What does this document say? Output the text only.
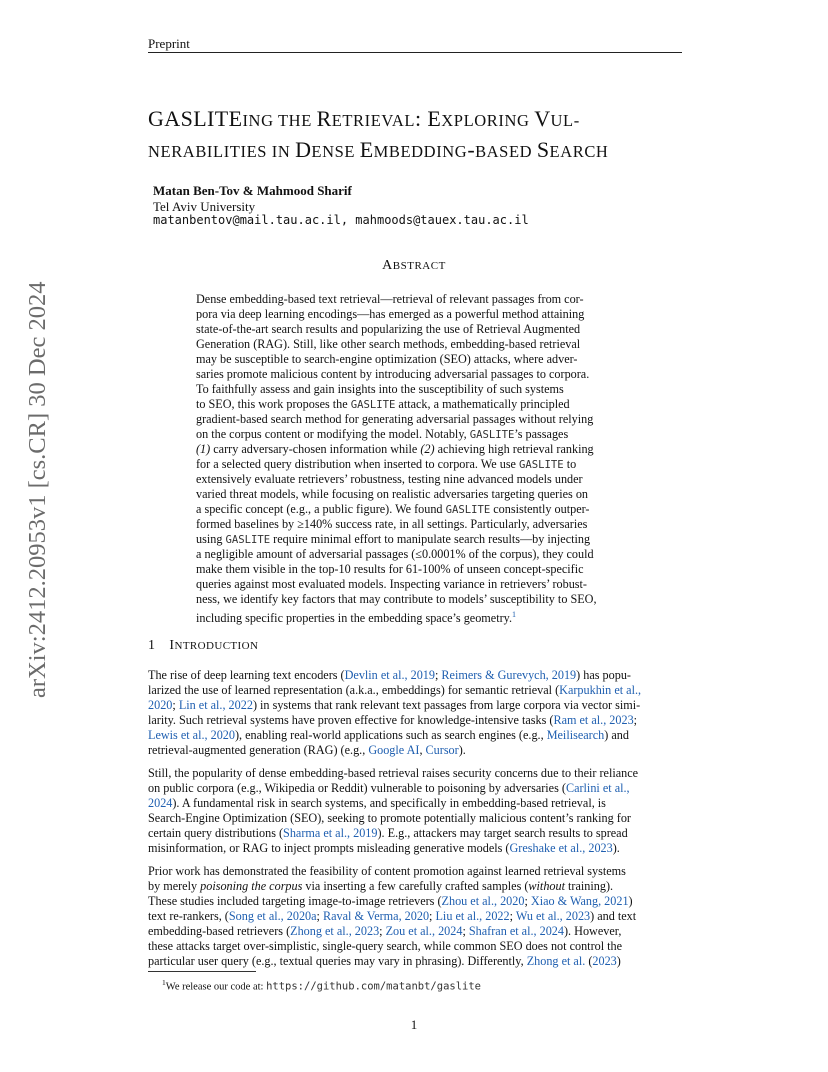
arXiv:2412.20953v1 [cs.CR] 30 Dec 2024
Preprint
GASLITEING THE RETRIEVAL: EXPLORING VUL-
NERABILITIES IN DENSE EMBEDDING-BASED SEARCH
Matan Ben-Tov & Mahmood Sharif
Tel Aviv University
matanbentov@mail.tau.ac.il, mahmoods@tauex.tau.ac.il
ABSTRACT
Dense embedding-based text retrieval—retrieval of relevant passages from cor-
pora via deep learning encodings—has emerged as a powerful method attaining
state-of-the-art search results and popularizing the use of Retrieval Augmented
Generation (RAG). Still, like other search methods, embedding-based retrieval
may be susceptible to search-engine optimization (SEO) attacks, where adver-
saries promote malicious content by introducing adversarial passages to corpora.
To faithfully assess and gain insights into the susceptibility of such systems
to SEO, this work proposes the GASLITE attack, a mathematically principled
gradient-based search method for generating adversarial passages without relying
on the corpus content or modifying the model. Notably, GASLITE’s passages
(1) carry adversary-chosen information while (2) achieving high retrieval ranking
for a selected query distribution when inserted to corpora. We use GASLITE to
extensively evaluate retrievers’ robustness, testing nine advanced models under
varied threat models, while focusing on realistic adversaries targeting queries on
a specific concept (e.g., a public figure). We found GASLITE consistently outper-
formed baselines by ≥140% success rate, in all settings. Particularly, adversaries
using GASLITE require minimal effort to manipulate search results—by injecting
a negligible amount of adversarial passages (≤0.0001% of the corpus), they could
make them visible in the top-10 results for 61-100% of unseen concept-specific
queries against most evaluated models. Inspecting variance in retrievers’ robust-
ness, we identify key factors that may contribute to models’ susceptibility to SEO,
including specific properties in the embedding space’s geometry.$^1$
1 INTRODUCTION
The rise of deep learning text encoders (Devlin et al., 2019; Reimers & Gurevych, 2019) has popu-
larized the use of learned representation (a.k.a., embeddings) for semantic retrieval (Karpukhin et al.,
2020; Lin et al., 2022) in systems that rank relevant text passages from large corpora via vector simi-
larity. Such retrieval systems have proven effective for knowledge-intensive tasks (Ram et al., 2023;
Lewis et al., 2020), enabling real-world applications such as search engines (e.g., Meilisearch) and
retrieval-augmented generation (RAG) (e.g., Google AI, Cursor).
Still, the popularity of dense embedding-based retrieval raises security concerns due to their reliance
on public corpora (e.g., Wikipedia or Reddit) vulnerable to poisoning by adversaries (Carlini et al.,
2024). A fundamental risk in search systems, and specifically in embedding-based retrieval, is
Search-Engine Optimization (SEO), seeking to promote potentially malicious content’s ranking for
certain query distributions (Sharma et al., 2019). E.g., attackers may target search results to spread
misinformation, or RAG to inject prompts misleading generative models (Greshake et al., 2023).
Prior work has demonstrated the feasibility of content promotion against learned retrieval systems
by merely poisoning the corpus via inserting a few carefully crafted samples (without training).
These studies included targeting image-to-image retrievers (Zhou et al., 2020; Xiao & Wang, 2021)
text re-rankers, (Song et al., 2020a; Raval & Verma, 2020; Liu et al., 2022; Wu et al., 2023) and text
embedding-based retrievers (Zhong et al., 2023; Zou et al., 2024; Shafran et al., 2024). However,
these attacks target over-simplistic, single-query search, while common SEO does not control the
particular user query (e.g., textual queries may vary in phrasing). Differently, Zhong et al. (2023)
$^1$We release our code at: https://github.com/matanbt/gaslite
1
